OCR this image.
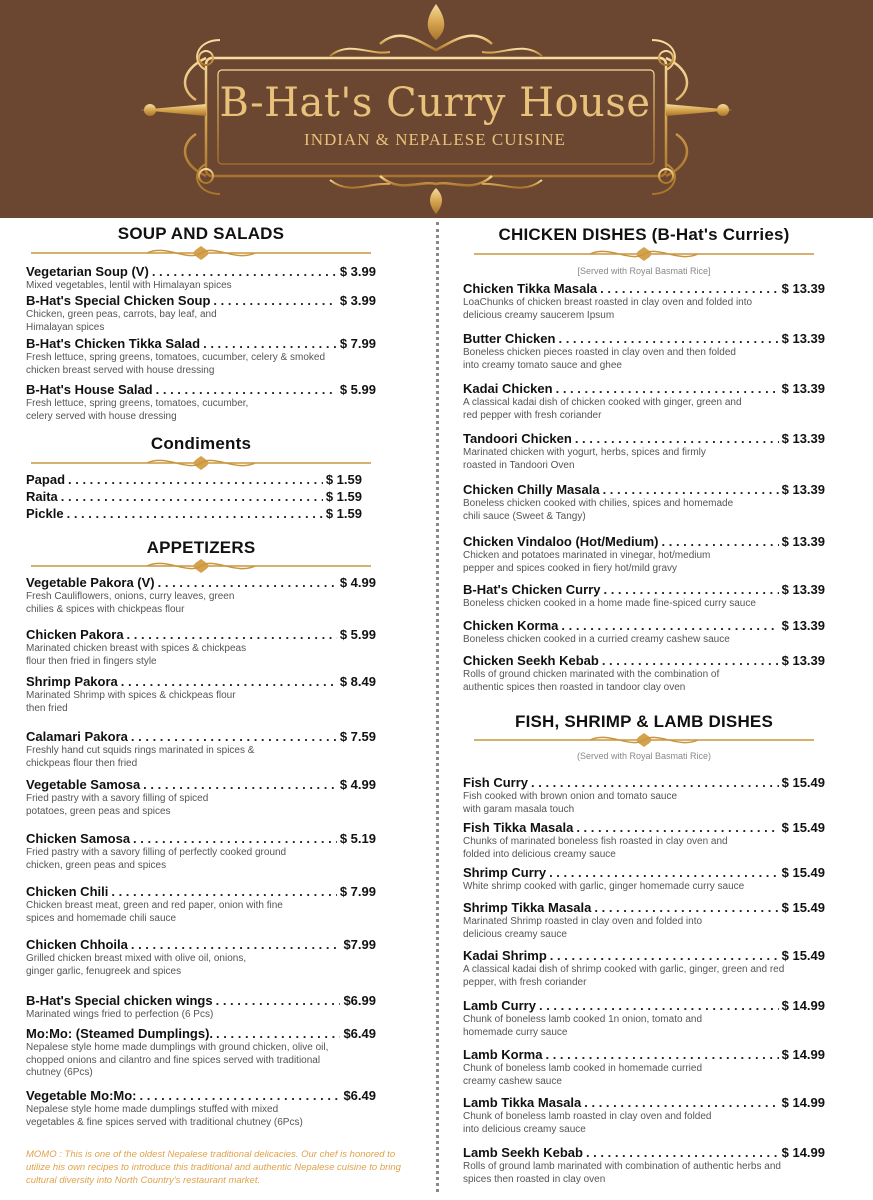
B-Hat's Curry House
INDIAN & NEPALESE CUISINE
SOUP AND SALADS
Vegetarian Soup (V) . . .	$ 3.99
Mixed vegetables, lentil with Himalayan spices
B-Hat's Special Chicken Soup . . .	$ 3.99
Chicken, green peas, carrots, bay leaf, and Himalayan spices
B-Hat's Chicken Tikka Salad . . .	$ 7.99
Fresh lettuce, spring greens, tomatoes, cucumber, celery & smoked chicken breast served with house dressing
B-Hat's House Salad . . .	$ 5.99
Fresh lettuce, spring greens, tomatoes, cucumber, celery served with house dressing
Condiments
Papad . . .	$ 1.59
Raita . . .	$ 1.59
Pickle . . .	$ 1.59
APPETIZERS
Vegetable Pakora (V) . . .	$ 4.99
Fresh Cauliflowers, onions, curry leaves, green chilies & spices with chickpeas flour
Chicken Pakora . . .	$ 5.99
Marinated chicken breast with spices & chickpeas flour then fried in fingers style
Shrimp Pakora . . .	$ 8.49
Marinated Shrimp with spices & chickpeas flour then fried
Calamari Pakora . . .	$ 7.59
Freshly hand cut squids rings marinated in spices & chickpeas flour then fried
Vegetable Samosa . . .	$ 4.99
Fried pastry with a savory filling of spiced potatoes, green peas and spices
Chicken Samosa . . .	$ 5.19
Fried pastry with a savory filling of perfectly cooked ground chicken, green peas and spices
Chicken Chili . . .	$ 7.99
Chicken breast meat, green and red paper, onion with fine spices and homemade chili sauce
Chicken Chhoila . . .	$7.99
Grilled chicken breast mixed with olive oil, onions, ginger garlic, fenugreek and spices
B-Hat's Special chicken wings . . .	$6.99
Marinated wings fried to perfection (6 Pcs)
Mo:Mo: (Steamed Dumplings). . . .	$6.49
Nepalese style home made dumplings with ground chicken, olive oil, chopped onions and cilantro and fine spices served with traditional chutney (6Pcs)
Vegetable Mo:Mo: . . .	$6.49
Nepalese style home made dumplings stuffed with mixed vegetables & fine spices served with traditional chutney (6Pcs)
MOMO : This is one of the oldest Nepalese traditional delicacies. Our chef is honored to utilize his own recipes to introduce this traditional and authentic Nepalese cuisine to bring cultural diversity into North Country's restaurant market.
CHICKEN DISHES (B-Hat's Curries)
[Served with Royal Basmati Rice]
Chicken Tikka Masala . . .	$ 13.39
LoaChunks of chicken breast roasted in clay oven and folded into delicious creamy saucerem Ipsum
Butter Chicken . . .	$ 13.39
Boneless chicken pieces roasted in clay oven and then folded into creamy tomato sauce and ghee
Kadai Chicken . . .	$ 13.39
A classical kadai dish of chicken cooked with ginger, green and red pepper with fresh coriander
Tandoori Chicken . . .	$ 13.39
Marinated chicken with yogurt, herbs, spices and firmly roasted in Tandoori Oven
Chicken Chilly Masala . . .	$ 13.39
Boneless chicken cooked with chilies, spices and homemade chili sauce (Sweet & Tangy)
Chicken Vindaloo (Hot/Medium) . . .	$ 13.39
Chicken and potatoes marinated in vinegar, hot/medium pepper and spices cooked in fiery hot/mild gravy
B-Hat's Chicken Curry . . .	$ 13.39
Boneless chicken cooked in a home made fine-spiced curry sauce
Chicken Korma . . .	$ 13.39
Boneless chicken cooked in a curried creamy cashew sauce
Chicken Seekh Kebab . . .	$ 13.39
Rolls of ground chicken marinated with the combination of authentic spices then roasted in tandoor clay oven
FISH, SHRIMP & LAMB DISHES
(Served with Royal Basmati Rice)
Fish Curry . . .	$ 15.49
Fish cooked with brown onion and tomato sauce with garam masala touch
Fish Tikka Masala . . .	$ 15.49
Chunks of marinated boneless fish roasted in clay oven and folded into delicious creamy sauce
Shrimp Curry . . .	$ 15.49
White shrimp cooked with garlic, ginger homemade curry sauce
Shrimp Tikka Masala . . .	$ 15.49
Marinated Shrimp roasted in clay oven and folded into delicious creamy sauce
Kadai Shrimp . . .	$ 15.49
A classical kadai dish of shrimp cooked with garlic, ginger, green and red pepper, with fresh coriander
Lamb Curry . . .	$ 14.99
Chunk of boneless lamb cooked 1n onion, tomato and homemade curry sauce
Lamb Korma . . .	$ 14.99
Chunk of boneless lamb cooked in homemade curried creamy cashew sauce
Lamb Tikka Masala . . .	$ 14.99
Chunk of boneless lamb roasted in clay oven and folded into delicious creamy sauce
Lamb Seekh Kebab . . .	$ 14.99
Rolls of ground lamb marinated with combination of authentic herbs and spices then roasted in clay oven
